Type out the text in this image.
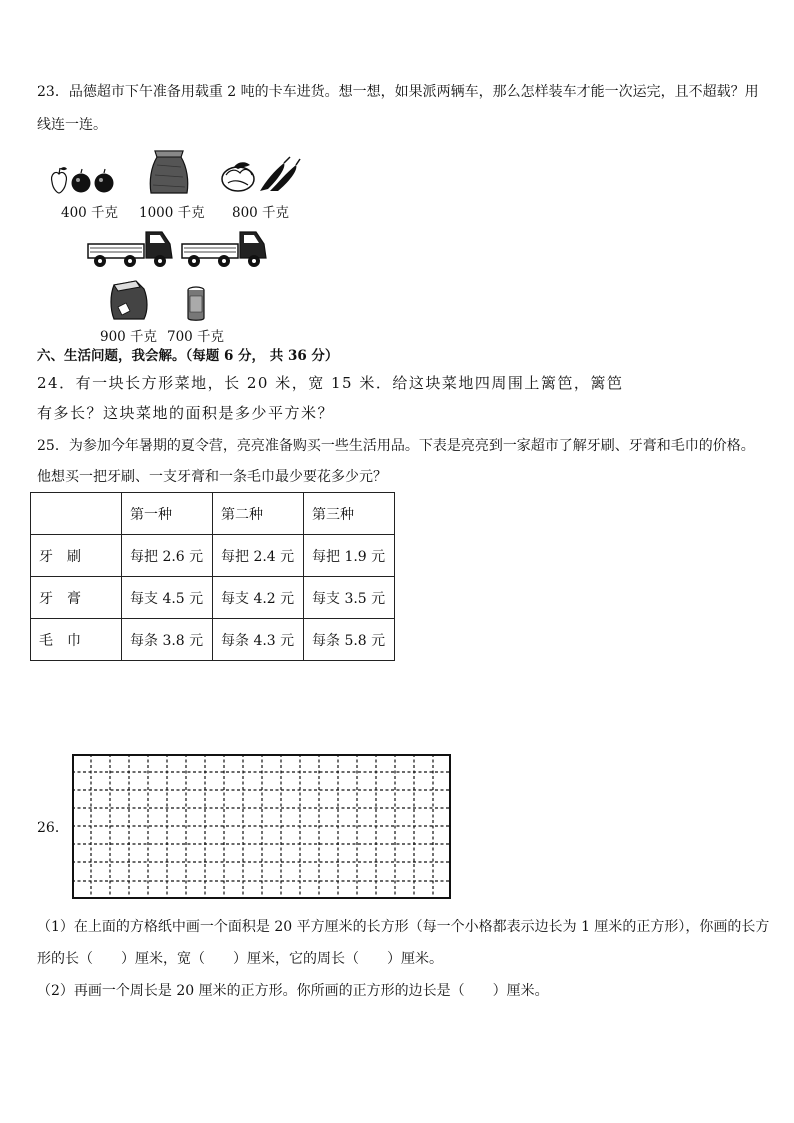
23．品德超市下午准备用载重 2 吨的卡车进货。想一想，如果派两辆车，那么怎样装车才能一次运完，且不超载？用
线连一连。
400 千克 1000 千克 800 千克
900 千克 700 千克
六、生活问题，我会解。（每题 6 分， 共 36 分）
24．有一块长方形菜地，长 20 米，宽 15 米．给这块菜地四周围上篱笆，篱笆
有多长？这块菜地的面积是多少平方米？
25．为参加今年暑期的夏令营，亮亮准备购买一些生活用品。下表是亮亮到一家超市了解牙刷、牙膏和毛巾的价格。
他想买一把牙刷、一支牙膏和一条毛巾最少要花多少元？
	第一种	第二种	第三种
牙　刷	每把 2.6 元	每把 2.4 元	每把 1.9 元
牙　膏	每支 4.5 元	每支 4.2 元	每支 3.5 元
毛　巾	每条 3.8 元	每条 4.3 元	每条 5.8 元
26．
（1）在上面的方格纸中画一个面积是 20 平方厘米的长方形（每一个小格都表示边长为 1 厘米的正方形），你画的长方
形的长（　　）厘米，宽（　　）厘米，它的周长（　　）厘米。
（2）再画一个周长是 20 厘米的正方形。你所画的正方形的边长是（　　）厘米。
